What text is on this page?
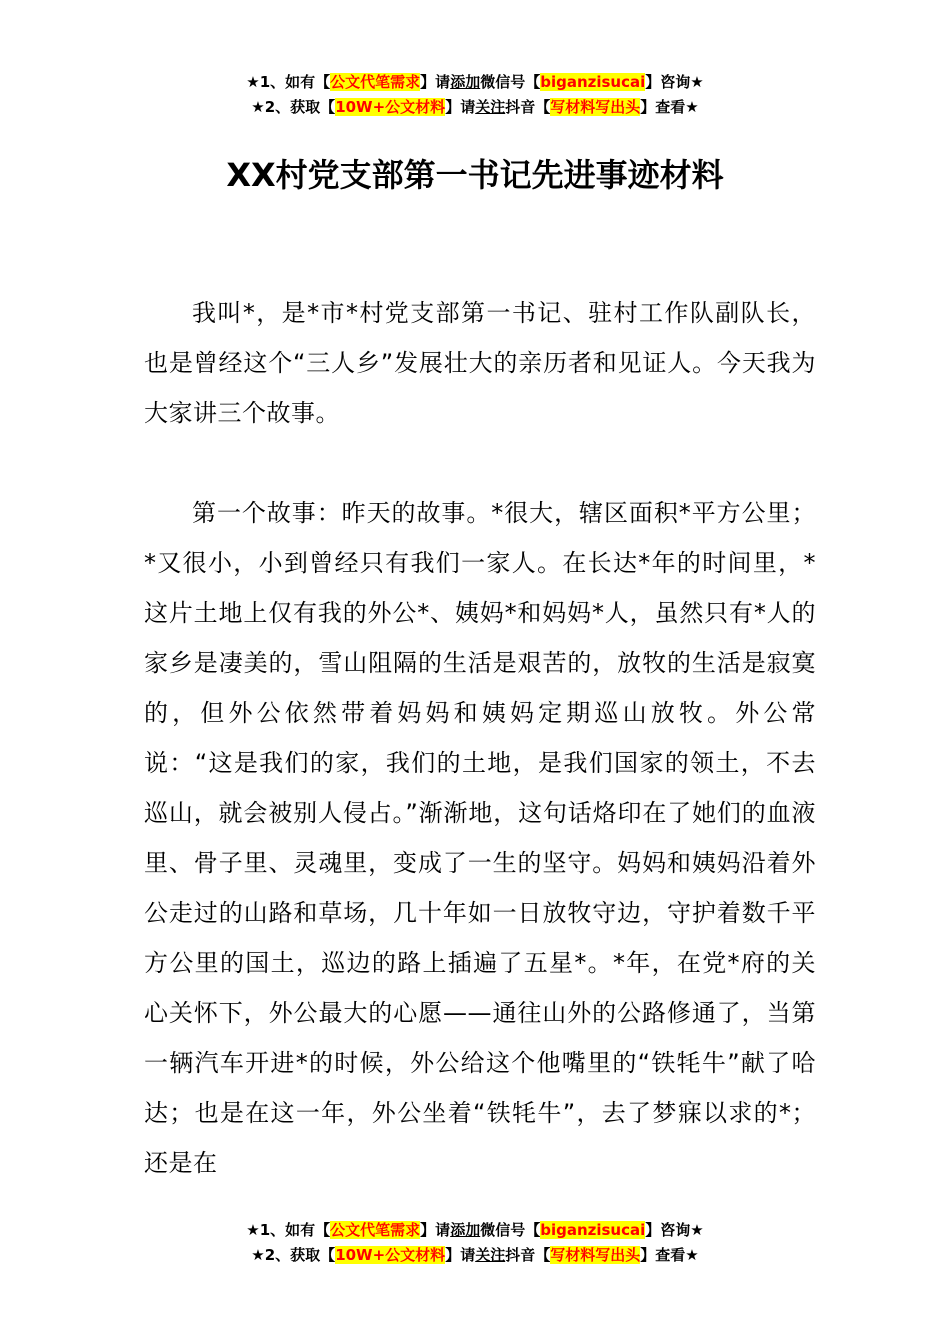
★1、如有【公文代笔需求】请添加微信号【biganzisucai】咨询★
★2、获取【10W+公文材料】请关注抖音【写材料写出头】查看★
XX村党支部第一书记先进事迹材料

我叫*，是*市*村党支部第一书记、驻村工作队副队长，也是曾经这个“三人乡”发展壮大的亲历者和见证人。今天我为大家讲三个故事。

第一个故事：昨天的故事。*很大，辖区面积*平方公里；*又很小，小到曾经只有我们一家人。在长达*年的时间里，*这片土地上仅有我的外公*、姨妈*和妈妈*人，虽然只有*人的家乡是凄美的，雪山阻隔的生活是艰苦的，放牧的生活是寂寞的，但外公依然带着妈妈和姨妈定期巡山放牧。外公常说：“这是我们的家，我们的土地，是我们国家的领土，不去巡山，就会被别人侵占。”渐渐地，这句话烙印在了她们的血液里、骨子里、灵魂里，变成了一生的坚守。妈妈和姨妈沿着外公走过的山路和草场，几十年如一日放牧守边，守护着数千平方公里的国土，巡边的路上插遍了五星*。*年，在党*府的关心关怀下，外公最大的心愿——通往山外的公路修通了，当第一辆汽车开进*的时候，外公给这个他嘴里的“铁牦牛”献了哈达；也是在这一年，外公坐着“铁牦牛”，去了梦寐以求的*；还是在

★1、如有【公文代笔需求】请添加微信号【biganzisucai】咨询★
★2、获取【10W+公文材料】请关注抖音【写材料写出头】查看★
